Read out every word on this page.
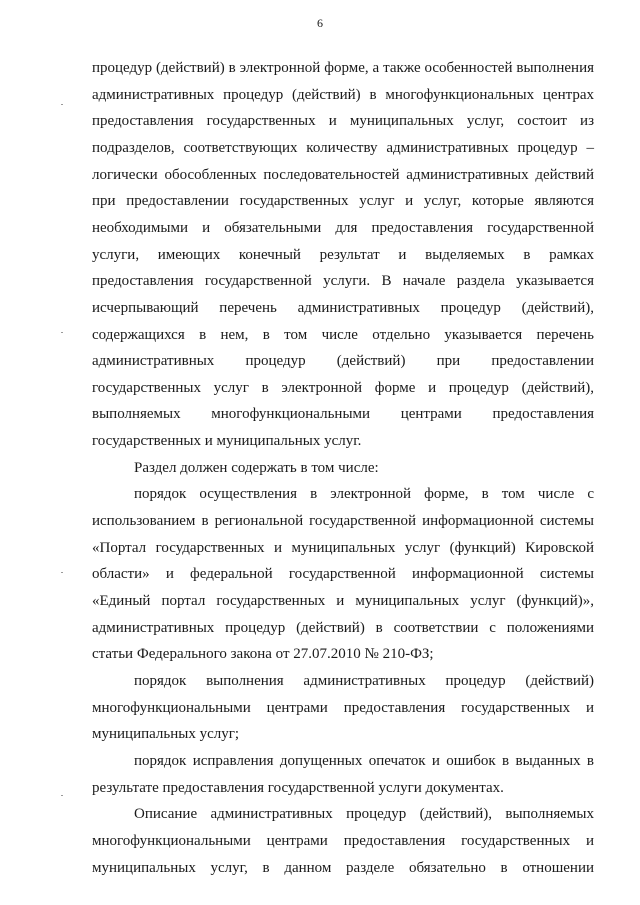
6
процедур (действий) в электронной форме, а также особенностей выполнения
административных процедур (действий) в многофункциональных центрах
предоставления государственных и муниципальных услуг, состоит из
подразделов, соответствующих количеству административных процедур –
логически обособленных последовательностей административных действий
при предоставлении государственных услуг и услуг, которые являются
необходимыми и обязательными для предоставления государственной
услуги, имеющих конечный результат и выделяемых в рамках
предоставления государственной услуги. В начале раздела указывается
исчерпывающий перечень административных процедур (действий),
содержащихся в нем, в том числе отдельно указывается перечень
административных процедур (действий) при предоставлении
государственных услуг в электронной форме и процедур (действий),
выполняемых многофункциональными центрами предоставления
государственных и муниципальных услуг.
Раздел должен содержать в том числе:
порядок осуществления в электронной форме, в том числе с
использованием в региональной государственной информационной системы
«Портал государственных и муниципальных услуг (функций) Кировской
области» и федеральной государственной информационной системы
«Единый портал государственных и муниципальных услуг (функций)»,
административных процедур (действий) в соответствии с положениями
статьи Федерального закона от 27.07.2010 № 210-ФЗ;
порядок выполнения административных процедур (действий)
многофункциональными центрами предоставления государственных и
муниципальных услуг;
порядок исправления допущенных опечаток и ошибок в выданных в
результате предоставления государственной услуги документах.
Описание административных процедур (действий), выполняемых
многофункциональными центрами предоставления государственных и
муниципальных услуг, в данном разделе обязательно в отношении
